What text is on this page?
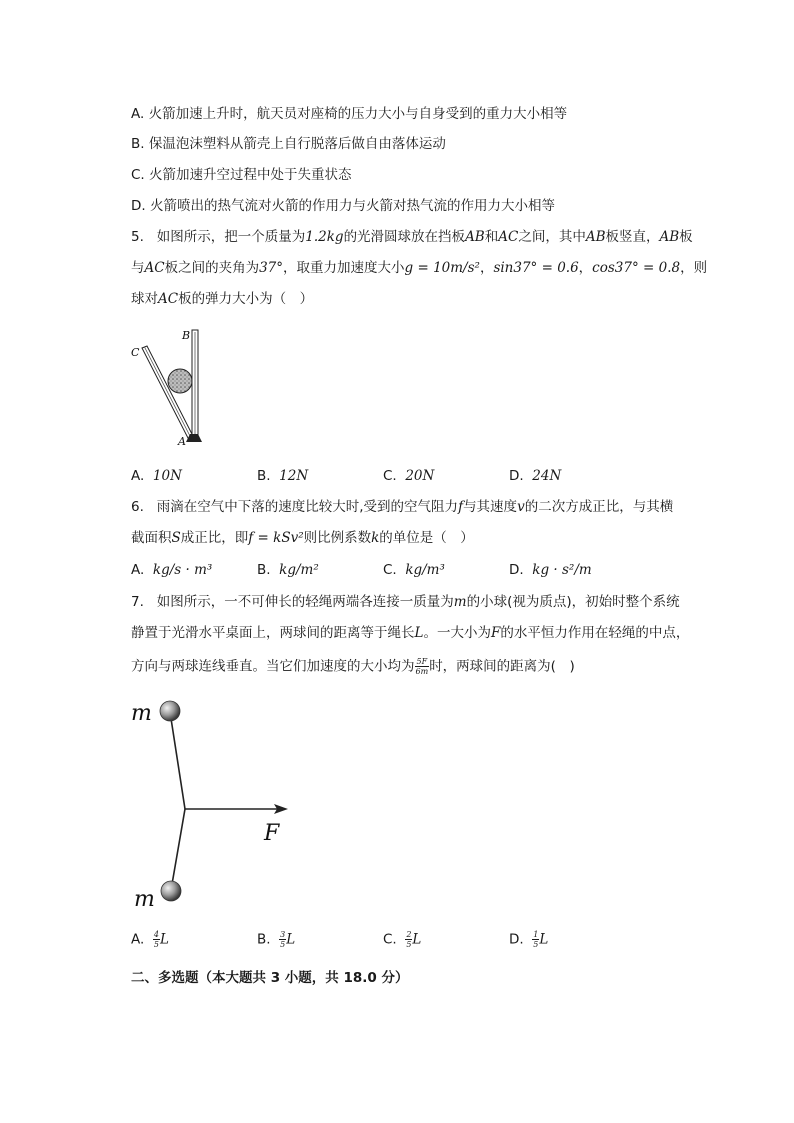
A. 火箭加速上升时，航天员对座椅的压力大小与自身受到的重力大小相等
B. 保温泡沫塑料从箭壳上自行脱落后做自由落体运动
C. 火箭加速升空过程中处于失重状态
D. 火箭喷出的热气流对火箭的作用力与火箭对热气流的作用力大小相等
5. 如图所示，把一个质量为1.2kg的光滑圆球放在挡板AB和AC之间，其中AB板竖直，AB板
与AC板之间的夹角为37°，取重力加速度大小g = 10m/s²，sin37° = 0.6，cos37° = 0.8，则
球对AC板的弹力大小为（　）
C
B
A
A. 10N	B. 12N	C. 20N	D. 24N
6. 雨滴在空气中下落的速度比较大时,受到的空气阻力f与其速度v的二次方成正比，与其横
截面积S成正比，即f = kSv²则比例系数k的单位是（　）
A. kg/s · m³	B. kg/m²	C. kg/m³	D. kg · s²/m
7. 如图所示，一不可伸长的轻绳两端各连接一质量为m的小球(视为质点)，初始时整个系统
静置于光滑水平桌面上，两球间的距离等于绳长L。一大小为F的水平恒力作用在轻绳的中点，
方向与两球连线垂直。当它们加速度的大小均为 $\frac{5F}{6m}$ 时，两球间的距离为(　)
m
m
F
A. $\frac{4}{5}$ L	B. $\frac{3}{5}$ L	C. $\frac{2}{5}$ L	D. $\frac{1}{5}$ L
二、多选题（本大题共 3 小题，共 18.0 分）
